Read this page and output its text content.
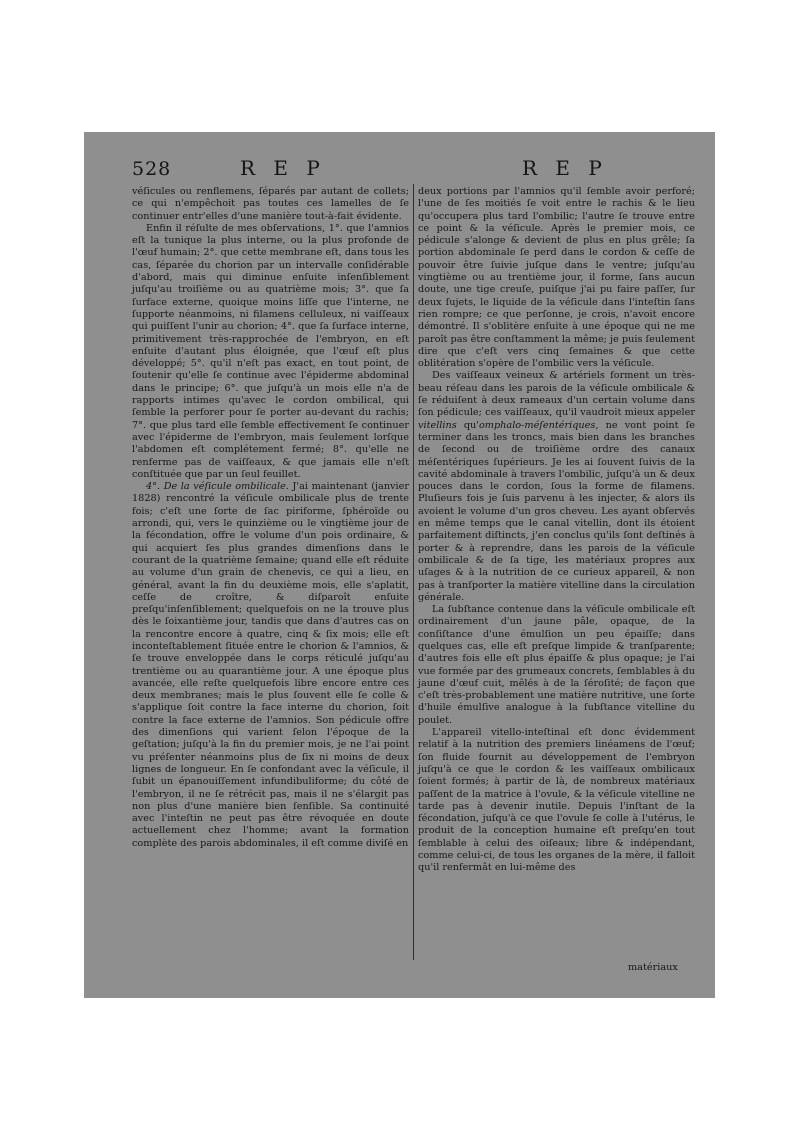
528	R E P	R E P

véſicules ou renflemens, ſéparés par autant de collets; ce qui n'empêchoit pas toutes ces lamelles de ſe continuer entr'elles d'une manière tout-à-fait évidente.

Enfin il réſulte de mes obſervations, 1°. que l'amnios eſt la tunique la plus interne, ou la plus profonde de l'œuf humain; 2°. que cette membrane eſt, dans tous les cas, ſéparée du chorion par un intervalle conſidérable d'abord, mais qui diminue enſuite inſenſiblement juſqu'au troiſième ou au quatrième mois; 3°. que ſa ſurface externe, quoique moins liſſe que l'interne, ne ſupporte néanmoins, ni filamens celluleux, ni vaiſſeaux qui puiſſent l'unir au chorion; 4°. que ſa ſurface interne, primitivement très-rapprochée de l'embryon, en eſt enſuite d'autant plus éloignée, que l'œuf eſt plus développé; 5°. qu'il n'eſt pas exact, en tout point, de ſoutenir qu'elle ſe continue avec l'épiderme abdominal dans le principe; 6°. que juſqu'à un mois elle n'a de rapports intimes qu'avec le cordon ombilical, qui ſemble la perforer pour ſe porter au-devant du rachis; 7°. que plus tard elle ſemble effectivement ſe continuer avec l'épiderme de l'embryon, mais ſeulement lorſque l'abdomen eſt complétement fermé; 8°. qu'elle ne renferme pas de vaiſſeaux, & que jamais elle n'eſt conſtituée que par un ſeul feuillet.

4°. De la véſicule ombilicale. J'ai maintenant (janvier 1828) rencontré la véſicule ombilicale plus de trente fois; c'eſt une ſorte de ſac piriforme, ſphéroïde ou arrondi, qui, vers le quinzième ou le vingtième jour de la fécondation, offre le volume d'un pois ordinaire, & qui acquiert ſes plus grandes dimenſions dans le courant de la quatrième ſemaine; quand elle eſt réduite au volume d'un grain de chenevis, ce qui a lieu, en général, avant la fin du deuxième mois, elle s'aplatit, ceſſe de croître, & diſparoît enſuite preſqu'inſenſiblement; quelquefois on ne la trouve plus dès le ſoixantième jour, tandis que dans d'autres cas on la rencontre encore à quatre, cinq & ſix mois; elle eſt inconteſtablement ſituée entre le chorion & l'amnios, & ſe trouve enveloppée dans le corps réticulé juſqu'au trentième ou au quarantième jour. A une époque plus avancée, elle reſte quelquefois libre encore entre ces deux membranes; mais le plus ſouvent elle ſe colle & s'applique ſoit contre la face interne du chorion, ſoit contre la face externe de l'amnios. Son pédicule offre des dimenſions qui varient ſelon l'époque de la geſtation; juſqu'à la fin du premier mois, je ne l'ai point vu préſenter néanmoins plus de ſix ni moins de deux lignes de longueur. En ſe confondant avec la véſicule, il ſubit un épanouiſſement infundibuliforme; du côté de l'embryon, il ne ſe rétrécit pas, mais il ne s'élargit pas non plus d'une manière bien ſenſible. Sa continuité avec l'inteſtin ne peut pas être révoquée en doute actuellement chez l'homme; avant la formation complète des parois abdominales, il eſt comme diviſé en

deux portions par l'amnios qu'il ſemble avoir perforé; l'une de ſes moitiés ſe voit entre le rachis & le lieu qu'occupera plus tard l'ombilic; l'autre ſe trouve entre ce point & la véſicule. Après le premier mois, ce pédicule s'alonge & devient de plus en plus grêle; ſa portion abdominale ſe perd dans le cordon & ceſſe de pouvoir être ſuivie juſque dans le ventre; juſqu'au vingtième ou au trentième jour, il forme, ſans aucun doute, une tige creuſe, puiſque j'ai pu faire paſſer, ſur deux ſujets, le liquide de la véſicule dans l'inteſtin ſans rien rompre; ce que perſonne, je crois, n'avoit encore démontré. Il s'oblitère enſuite à une époque qui ne me paroît pas être conſtamment la même; je puis ſeulement dire que c'eſt vers cinq ſemaines & que cette oblitération s'opère de l'ombilic vers la véſicule.

Des vaiſſeaux veineux & artériels forment un très-beau réſeau dans les parois de la véſicule ombilicale & ſe réduiſent à deux rameaux d'un certain volume dans ſon pédicule; ces vaiſſeaux, qu'il vaudroit mieux appeler vitellins qu'omphalo-méſentériques, ne vont point ſe terminer dans les troncs, mais bien dans les branches de ſecond ou de troiſième ordre des canaux méſentériques ſupérieurs. Je les ai ſouvent ſuivis de la cavité abdominale à travers l'ombilic, juſqu'à un & deux pouces dans le cordon, ſous la forme de filamens. Pluſieurs fois je ſuis parvenu à les injecter, & alors ils avoient le volume d'un gros cheveu. Les ayant obſervés en même temps que le canal vitellin, dont ils étoient parfaitement diſtincts, j'en conclus qu'ils ſont deſtinés à porter & à reprendre, dans les parois de la véſicule ombilicale & de ſa tige, les matériaux propres aux uſages & à la nutrition de ce curieux appareil, & non pas à tranſporter la matière vitelline dans la circulation générale.

La ſubſtance contenue dans la véſicule ombilicale eſt ordinairement d'un jaune pâle, opaque, de la conſiſtance d'une émulſion un peu épaiſſe; dans quelques cas, elle eſt preſque limpide & tranſparente; d'autres fois elle eſt plus épaiſſe & plus opaque; je l'ai vue formée par des grumeaux concrets, ſemblables à du jaune d'œuf cuit, mêlés à de la ſéroſité; de façon que c'eſt très-probablement une matière nutritive, une ſorte d'huile émulſive analogue à la ſubſtance vitelline du poulet.

L'appareil vitello-inteſtinal eſt donc évidemment relatif à la nutrition des premiers linéamens de l'œuf; ſon fluide fournit au développement de l'embryon juſqu'à ce que le cordon & les vaiſſeaux ombilicaux ſoient formés; à partir de là, de nombreux matériaux paſſent de la matrice à l'ovule, & la véſicule vitelline ne tarde pas à devenir inutile. Depuis l'inſtant de la fécondation, juſqu'à ce que l'ovule ſe colle à l'utérus, le produit de la conception humaine eſt preſqu'en tout ſemblable à celui des oiſeaux; libre & indépendant, comme celui-ci, de tous les organes de la mère, il falloit qu'il renfermât en lui-même des

matériaux
